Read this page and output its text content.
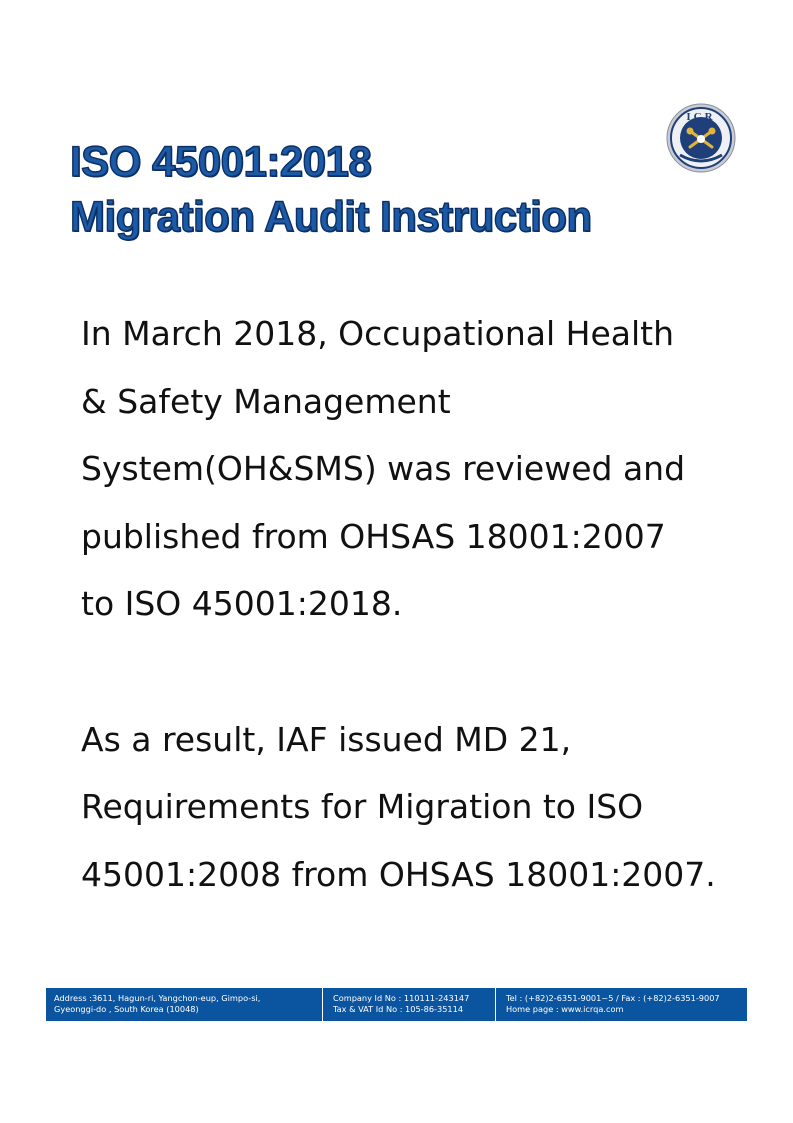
ICR
ISO 45001:2018
Migration Audit Instruction
In March 2018, Occupational Health
& Safety Management
System(OH&SMS) was reviewed and
published from OHSAS 18001:2007
to ISO 45001:2018.
As a result, IAF issued MD 21,
Requirements for Migration to ISO
45001:2008 from OHSAS 18001:2007.
Address :3611, Hagun-ri, Yangchon-eup, Gimpo-si,
Gyeonggi-do , South Korea (10048)
Company Id No : 110111-243147
Tax & VAT Id No : 105-86-35114
Tel : (+82)2-6351-9001~5 / Fax : (+82)2-6351-9007
Home page : www.icrqa.com
